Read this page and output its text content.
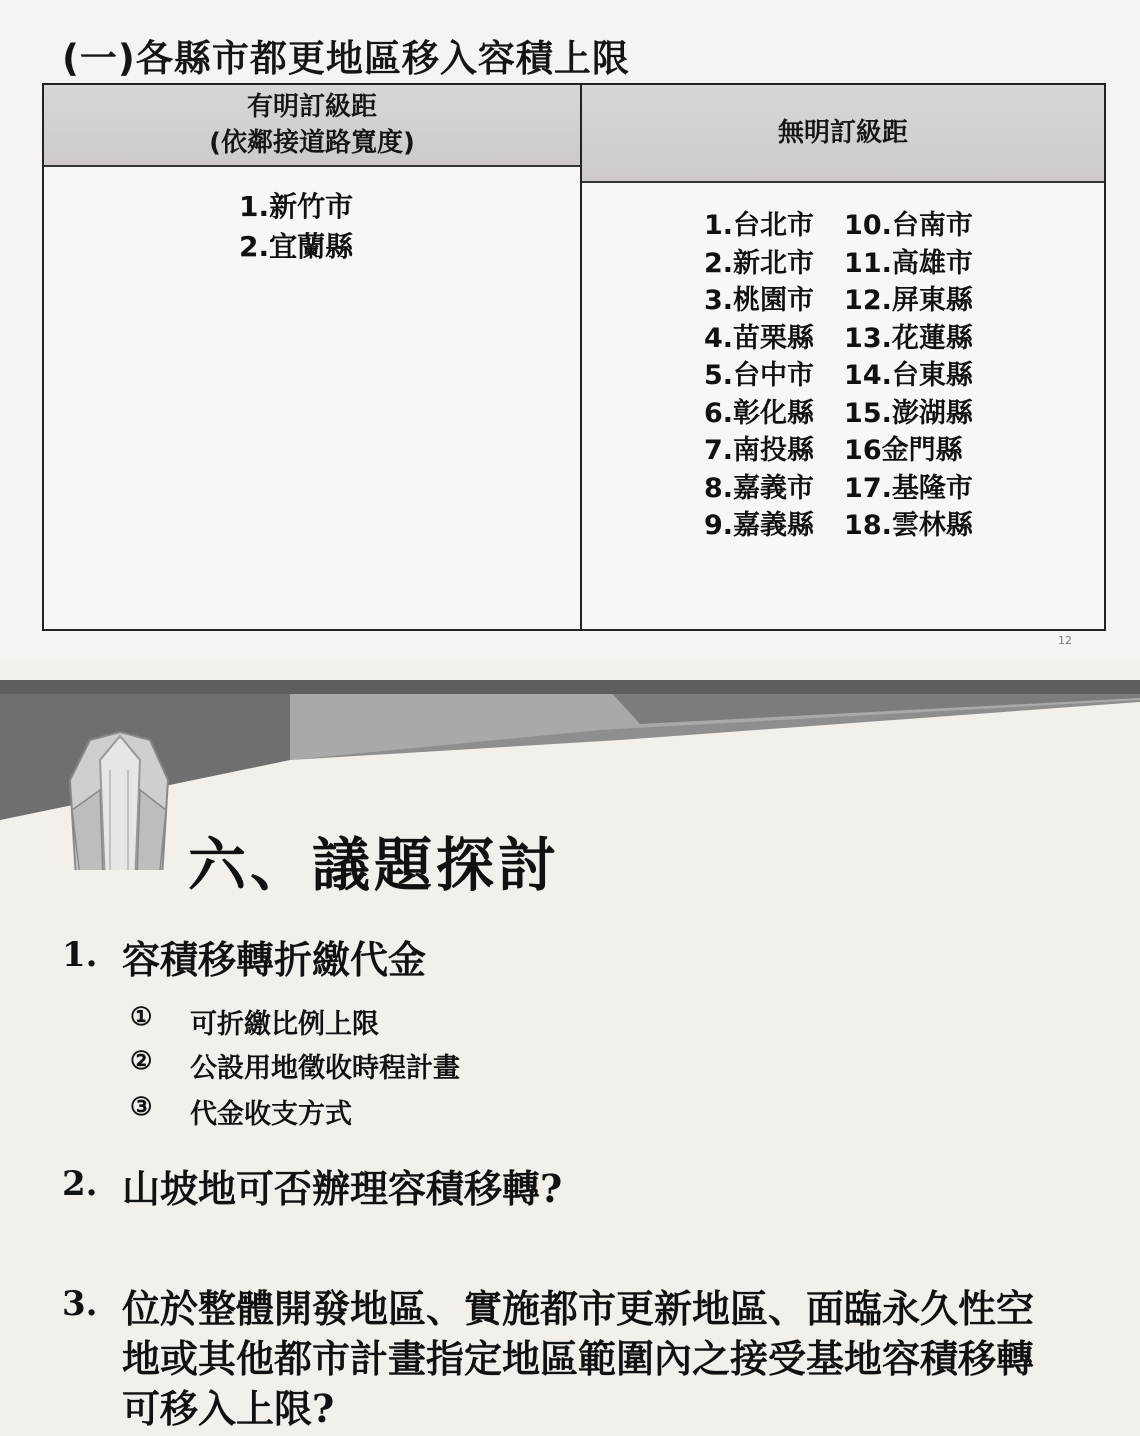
(一)各縣市都更地區移入容積上限
有明訂級距
(依鄰接道路寬度)	無明訂級距
1.新竹市
2.宜蘭縣
1.台北市
2.新北市
3.桃園市
4.苗栗縣
5.台中市
6.彰化縣
7.南投縣
8.嘉義市
9.嘉義縣
10.台南市
11.高雄市
12.屏東縣
13.花蓮縣
14.台東縣
15.澎湖縣
16金門縣
17.基隆市
18.雲林縣
12
六、議題探討
1. 容積移轉折繳代金
① 可折繳比例上限
② 公設用地徵收時程計畫
③ 代金收支方式
2. 山坡地可否辦理容積移轉?
3. 位於整體開發地區、實施都市更新地區、面臨永久性空
地或其他都市計畫指定地區範圍內之接受基地容積移轉
可移入上限?
